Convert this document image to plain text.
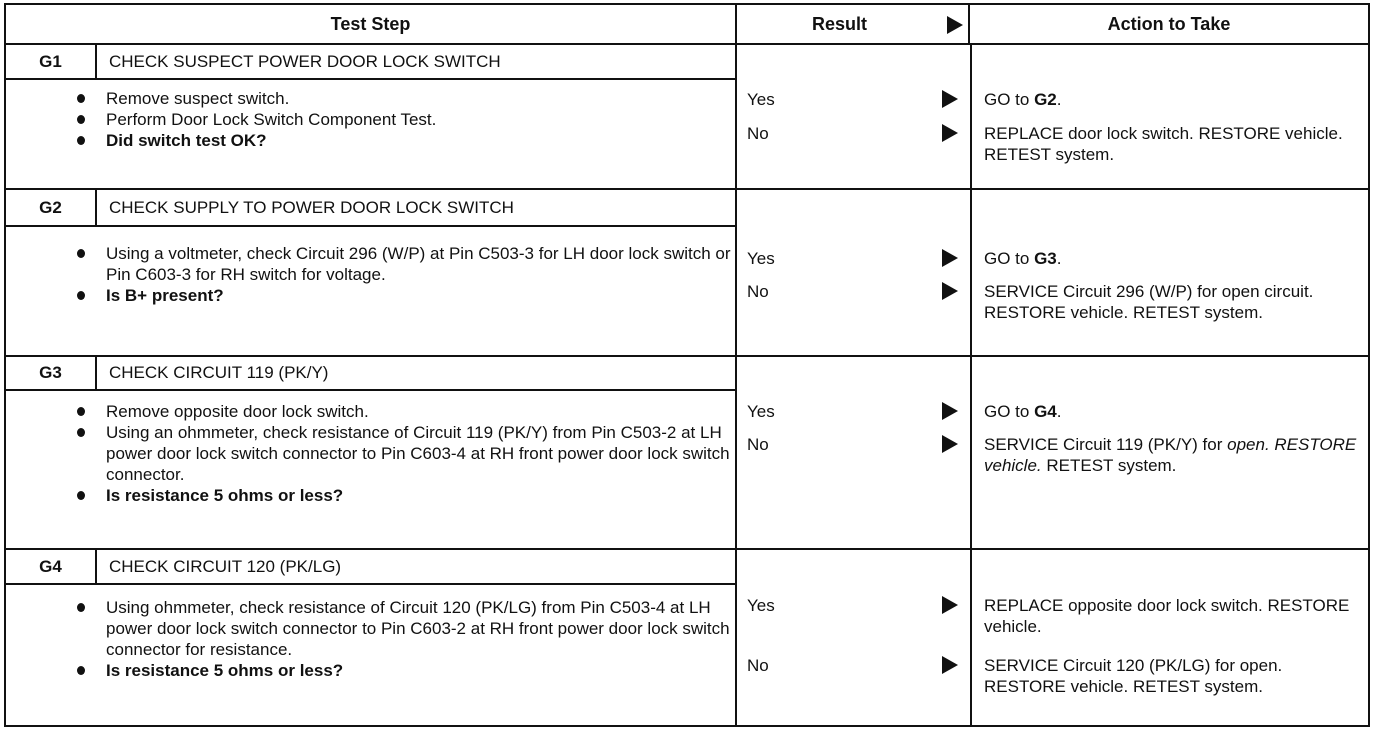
Test Step	Result	Action to Take
G1	CHECK SUSPECT POWER DOOR LOCK SWITCH
Remove suspect switch.
Perform Door Lock Switch Component Test.
Did switch test OK?
Yes	GO to G2.
No	REPLACE door lock switch. RESTORE vehicle. RETEST system.
G2	CHECK SUPPLY TO POWER DOOR LOCK SWITCH
Using a voltmeter, check Circuit 296 (W/P) at Pin C503-3 for LH door lock switch or Pin C603-3 for RH switch for voltage.
Is B+ present?
Yes	GO to G3.
No	SERVICE Circuit 296 (W/P) for open circuit. RESTORE vehicle. RETEST system.
G3	CHECK CIRCUIT 119 (PK/Y)
Remove opposite door lock switch.
Using an ohmmeter, check resistance of Circuit 119 (PK/Y) from Pin C503-2 at LH power door lock switch connector to Pin C603-4 at RH front power door lock switch connector.
Is resistance 5 ohms or less?
Yes	GO to G4.
No	SERVICE Circuit 119 (PK/Y) for open. RESTORE vehicle. RETEST system.
G4	CHECK CIRCUIT 120 (PK/LG)
Using ohmmeter, check resistance of Circuit 120 (PK/LG) from Pin C503-4 at LH power door lock switch connector to Pin C603-2 at RH front power door lock switch connector for resistance.
Is resistance 5 ohms or less?
Yes	REPLACE opposite door lock switch. RESTORE vehicle.
No	SERVICE Circuit 120 (PK/LG) for open. RESTORE vehicle. RETEST system.
